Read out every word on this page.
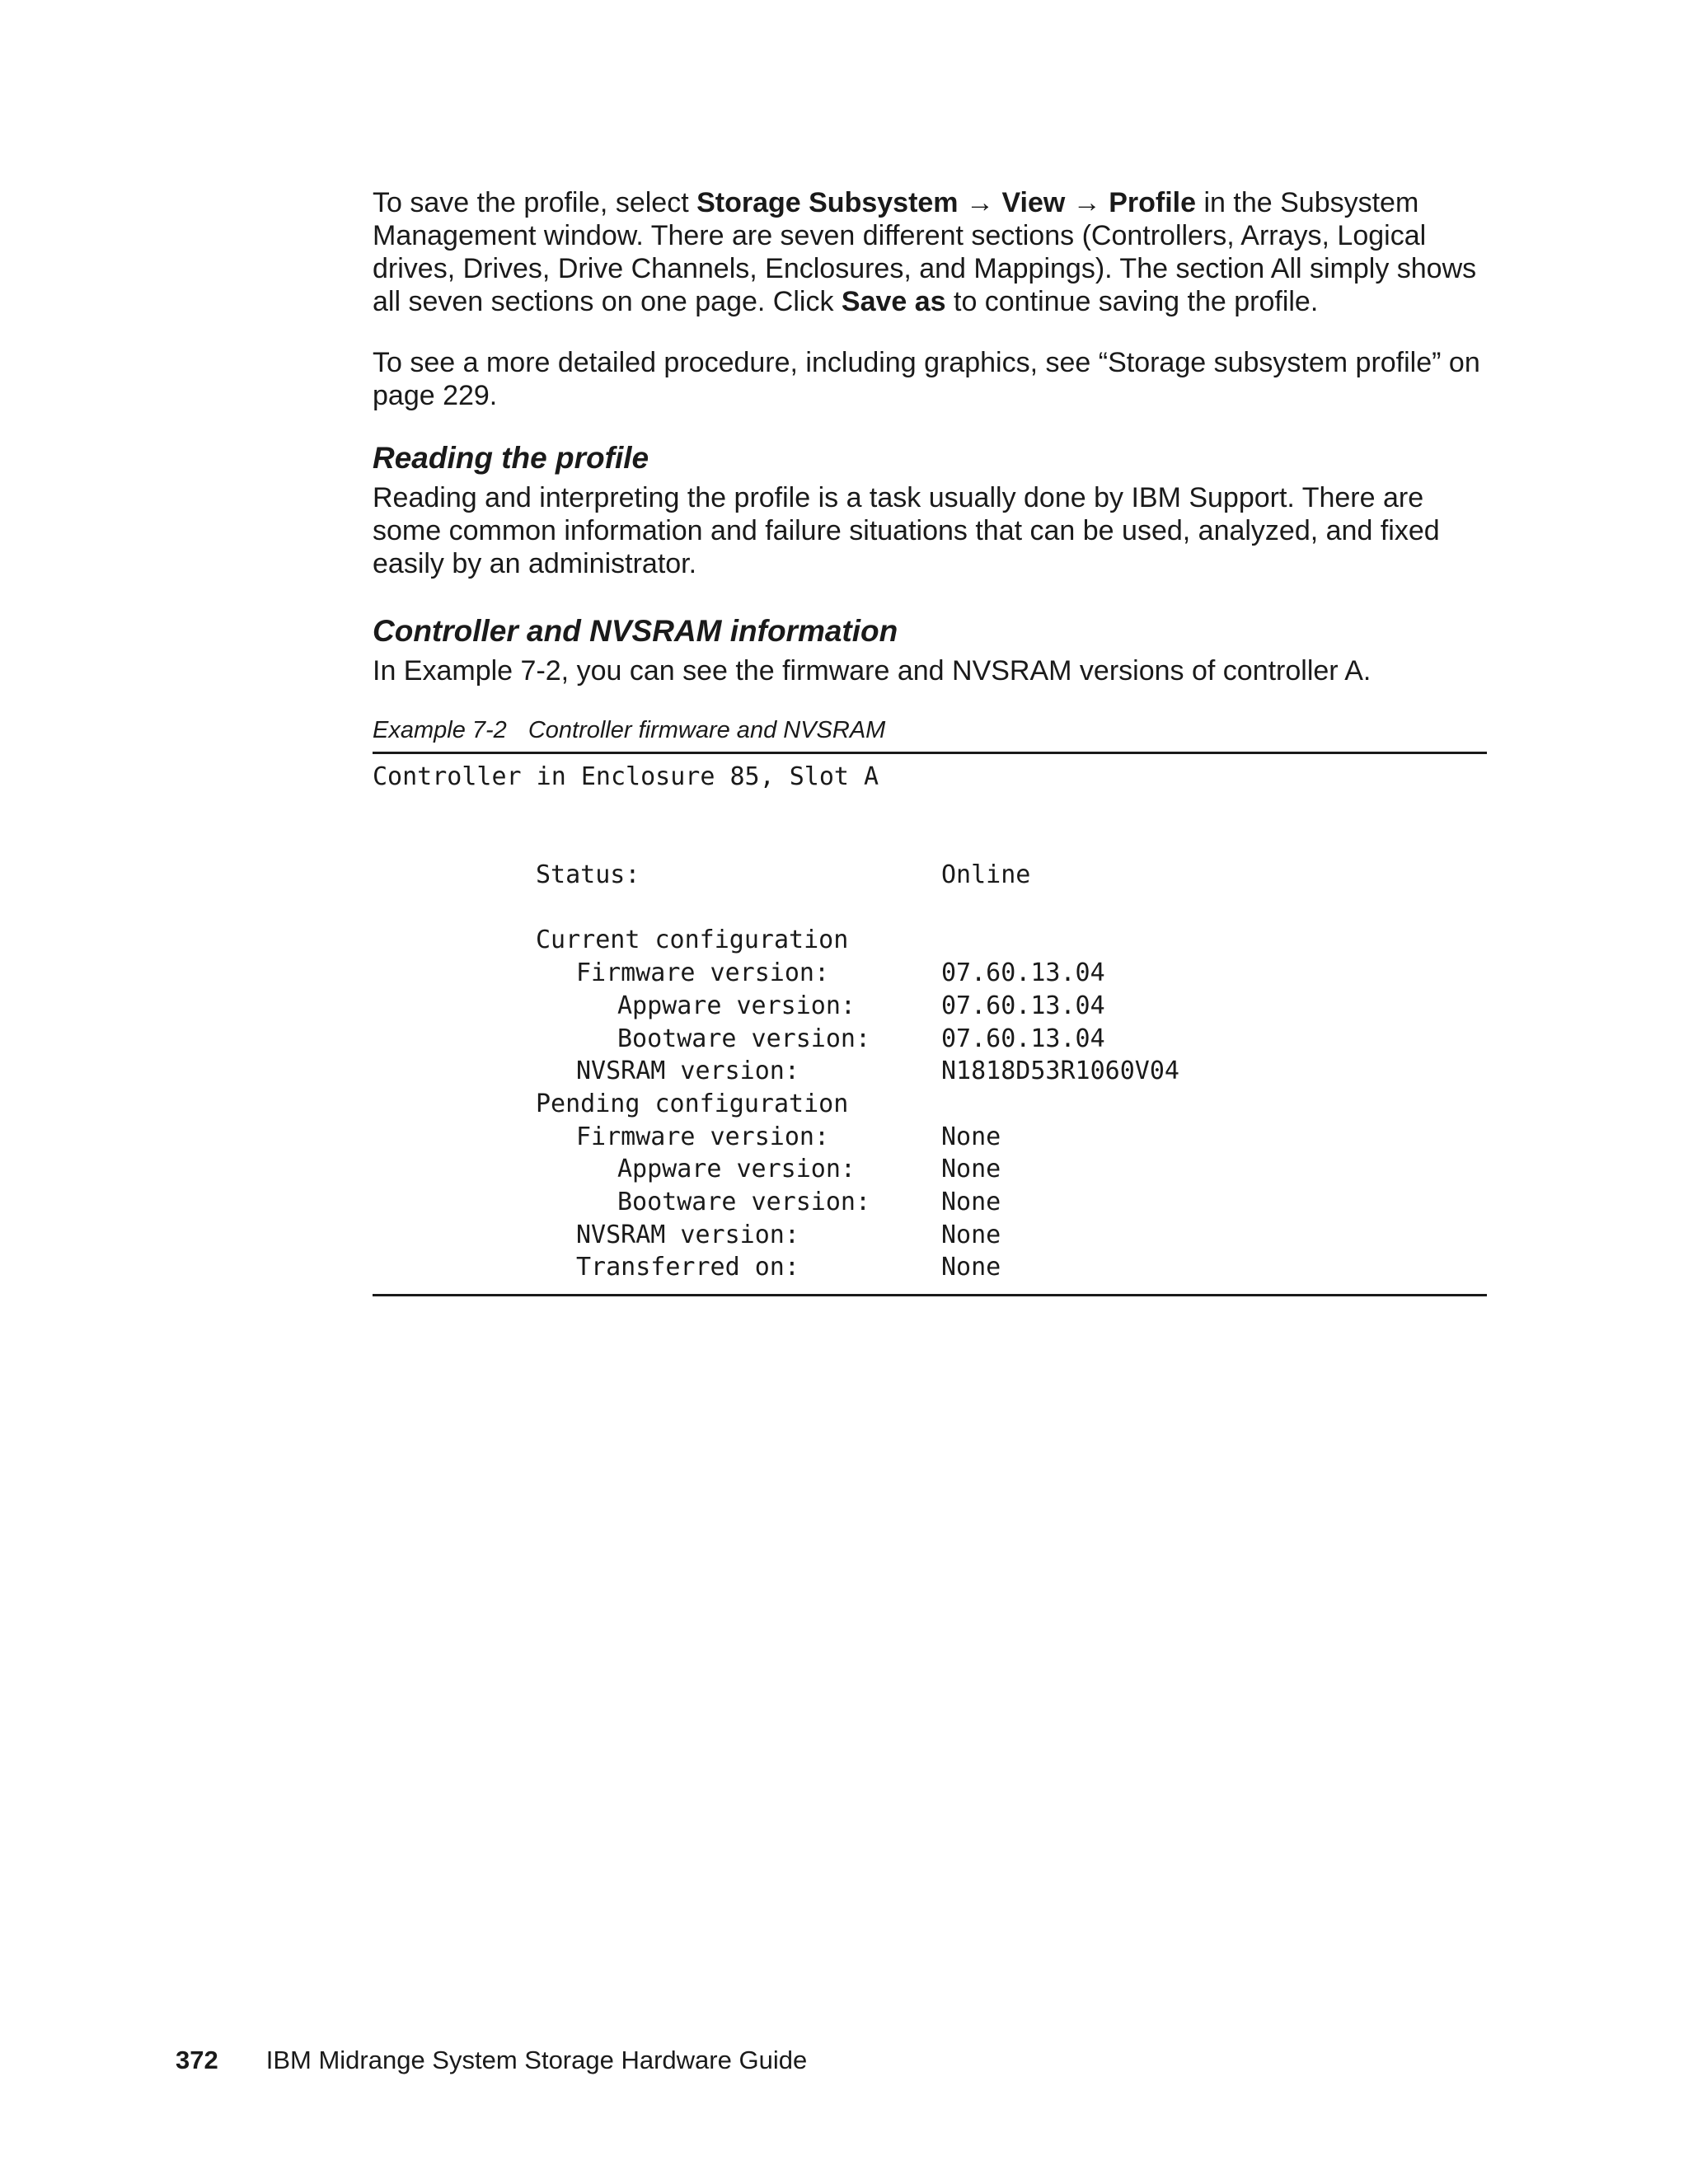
To save the profile, select Storage Subsystem → View → Profile in the Subsystem Management window. There are seven different sections (Controllers, Arrays, Logical drives, Drives, Drive Channels, Enclosures, and Mappings). The section All simply shows all seven sections on one page. Click Save as to continue saving the profile.

To see a more detailed procedure, including graphics, see “Storage subsystem profile” on page 229.

Reading the profile

Reading and interpreting the profile is a task usually done by IBM Support. There are some common information and failure situations that can be used, analyzed, and fixed easily by an administrator.

Controller and NVSRAM information

In Example 7-2, you can see the firmware and NVSRAM versions of controller A.

Example 7-2 Controller firmware and NVSRAM
Controller in Enclosure 85, Slot A
Status:	Online
Current configuration
Firmware version:	07.60.13.04
Appware version:	07.60.13.04
Bootware version:	07.60.13.04
NVSRAM version:	N1818D53R1060V04
Pending configuration
Firmware version:	None
Appware version:	None
Bootware version:	None
NVSRAM version:	None
Transferred on:	None
372 IBM Midrange System Storage Hardware Guide
